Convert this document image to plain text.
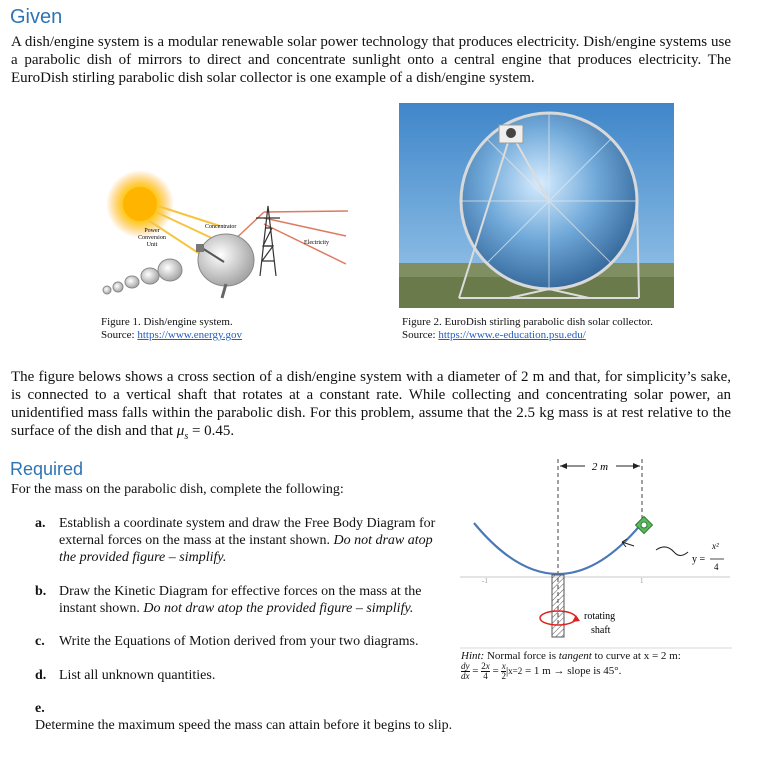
Given
A dish/engine system is a modular renewable solar power technology that produces electricity. Dish/engine systems use a parabolic dish of mirrors to direct and concentrate sunlight onto a central engine that produces electricity. The EuroDish stirling parabolic dish solar collector is one example of a dish/engine system.
Concentrator
Power
Conversion
Unit	Electricity
Figure 1. Dish/engine system.
Source: https://www.energy.gov
Figure 2. EuroDish stirling parabolic dish solar collector.
Source: https://www.e-education.psu.edu/
The figure belows shows a cross section of a dish/engine system with a diameter of 2 m and that, for simplicity’s sake, is connected to a vertical shaft that rotates at a constant rate. While collecting and concentrating solar power, an unidentified mass falls within the parabolic dish. For this problem, assume that the 2.5 kg mass is at rest relative to the surface of the dish and that $\mu_s = 0.45$.
Required
For the mass on the parabolic dish, complete the following:
a. Establish a coordinate system and draw the Free Body Diagram for external forces on the mass at the instant shown. Do not draw atop the provided figure – simplify.
b. Draw the Kinetic Diagram for effective forces on the mass at the instant shown. Do not draw atop the provided figure – simplify.
c. Write the Equations of Motion derived from your two diagrams.
d. List all unknown quantities.
e.Determine the maximum speed the mass can attain before it begins to slip.
2 m
-1	1
y =
x²
4
rotating
shaft
Hint: Normal force is tangent to curve at x = 2 m:
$\frac{dy}{dx} = 2x$

$4 = \frac{x}{2} |x=2 = 1$ m → slope is 45°.
